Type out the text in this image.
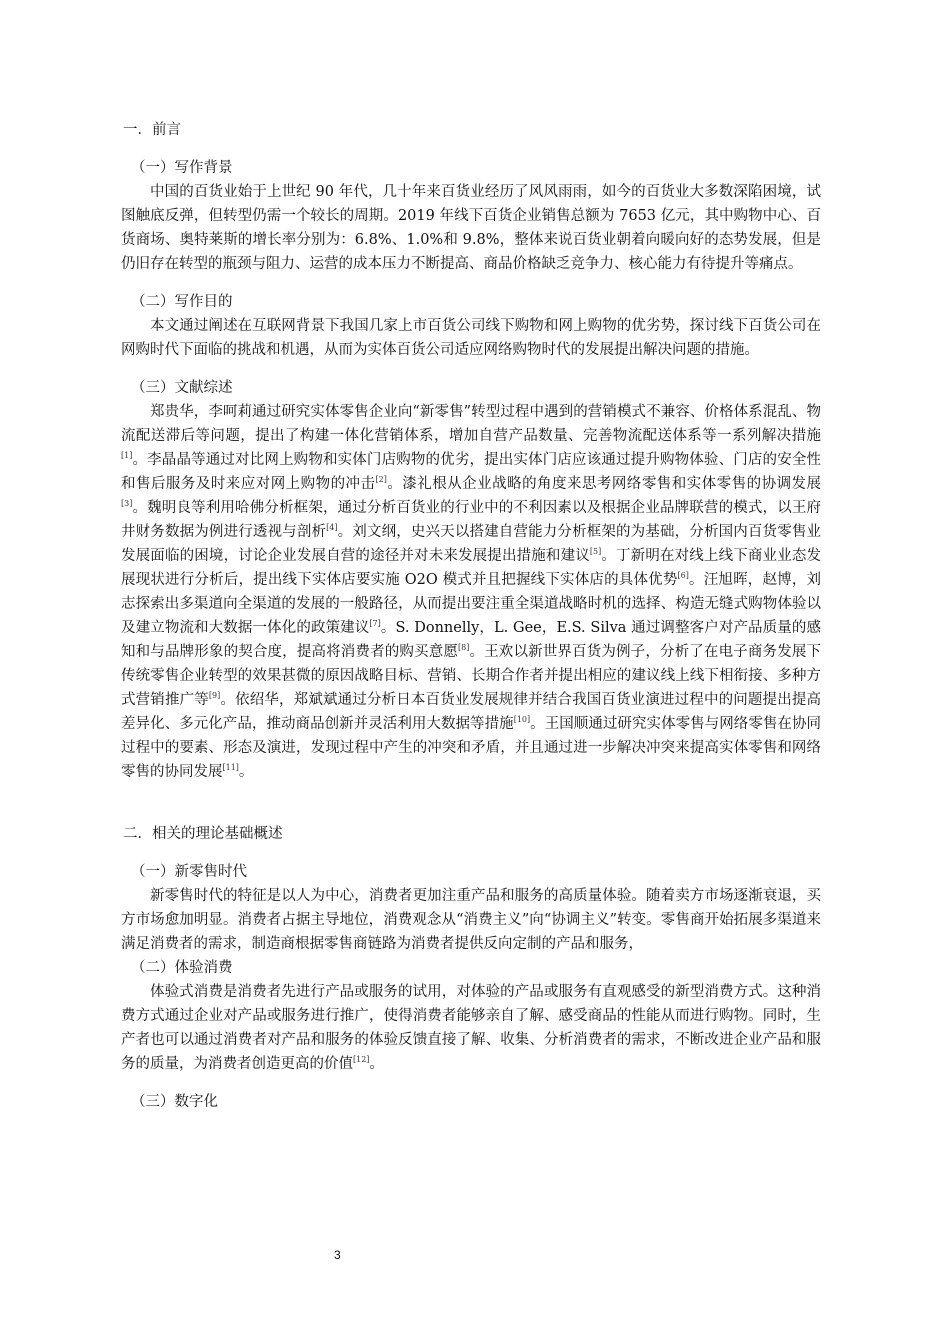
一．前言

（一）写作背景

中国的百货业始于上世纪 90 年代，几十年来百货业经历了风风雨雨，如今的百货业大多数深陷困境，试图触底反弹，但转型仍需一个较长的周期。2019 年线下百货企业销售总额为 7653 亿元，其中购物中心、百货商场、奥特莱斯的增长率分别为：6.8%、1.0%和 9.8%，整体来说百货业朝着向暖向好的态势发展，但是仍旧存在转型的瓶颈与阻力、运营的成本压力不断提高、商品价格缺乏竞争力、核心能力有待提升等痛点。

（二）写作目的

本文通过阐述在互联网背景下我国几家上市百货公司线下购物和网上购物的优劣势，探讨线下百货公司在网购时代下面临的挑战和机遇，从而为实体百货公司适应网络购物时代的发展提出解决问题的措施。

（三）文献综述

郑贵华，李呵莉通过研究实体零售企业向“新零售”转型过程中遇到的营销模式不兼容、价格体系混乱、物流配送滞后等问题，提出了构建一体化营销体系，增加自营产品数量、完善物流配送体系等一系列解决措施[1]。李晶晶等通过对比网上购物和实体门店购物的优劣，提出实体门店应该通过提升购物体验、门店的安全性和售后服务及时来应对网上购物的冲击[2]。漆礼根从企业战略的角度来思考网络零售和实体零售的协调发展[3]。魏明良等利用哈佛分析框架，通过分析百货业的行业中的不利因素以及根据企业品牌联营的模式，以王府井财务数据为例进行透视与剖析[4]。刘文纲，史兴天以搭建自营能力分析框架的为基础，分析国内百货零售业发展面临的困境，讨论企业发展自营的途径并对未来发展提出措施和建议[5]。丁新明在对线上线下商业业态发展现状进行分析后，提出线下实体店要实施 O2O 模式并且把握线下实体店的具体优势[6]。汪旭晖，赵博，刘志探索出多渠道向全渠道的发展的一般路径，从而提出要注重全渠道战略时机的选择、构造无缝式购物体验以及建立物流和大数据一体化的政策建议[7]。S. Donnelly，L. Gee，E.S. Silva 通过调整客户对产品质量的感知和与品牌形象的契合度，提高将消费者的购买意愿[8]。王欢以新世界百货为例子，分析了在电子商务发展下传统零售企业转型的效果甚微的原因战略目标、营销、长期合作者并提出相应的建议线上线下相衔接、多种方式营销推广等[9]。依绍华，郑斌斌通过分析日本百货业发展规律并结合我国百货业演进过程中的问题提出提高差异化、多元化产品，推动商品创新并灵活利用大数据等措施[10]。王国顺通过研究实体零售与网络零售在协同过程中的要素、形态及演进，发现过程中产生的冲突和矛盾，并且通过进一步解决冲突来提高实体零售和网络零售的协同发展[11]。

二．相关的理论基础概述

（一）新零售时代

新零售时代的特征是以人为中心，消费者更加注重产品和服务的高质量体验。随着卖方市场逐渐衰退，买方市场愈加明显。消费者占据主导地位，消费观念从“消费主义”向“协调主义”转变。零售商开始拓展多渠道来满足消费者的需求，制造商根据零售商链路为消费者提供反向定制的产品和服务，

（二）体验消费

体验式消费是消费者先进行产品或服务的试用，对体验的产品或服务有直观感受的新型消费方式。这种消费方式通过企业对产品或服务进行推广，使得消费者能够亲自了解、感受商品的性能从而进行购物。同时，生产者也可以通过消费者对产品和服务的体验反馈直接了解、收集、分析消费者的需求，不断改进企业产品和服务的质量，为消费者创造更高的价值[12]。

（三）数字化

3
